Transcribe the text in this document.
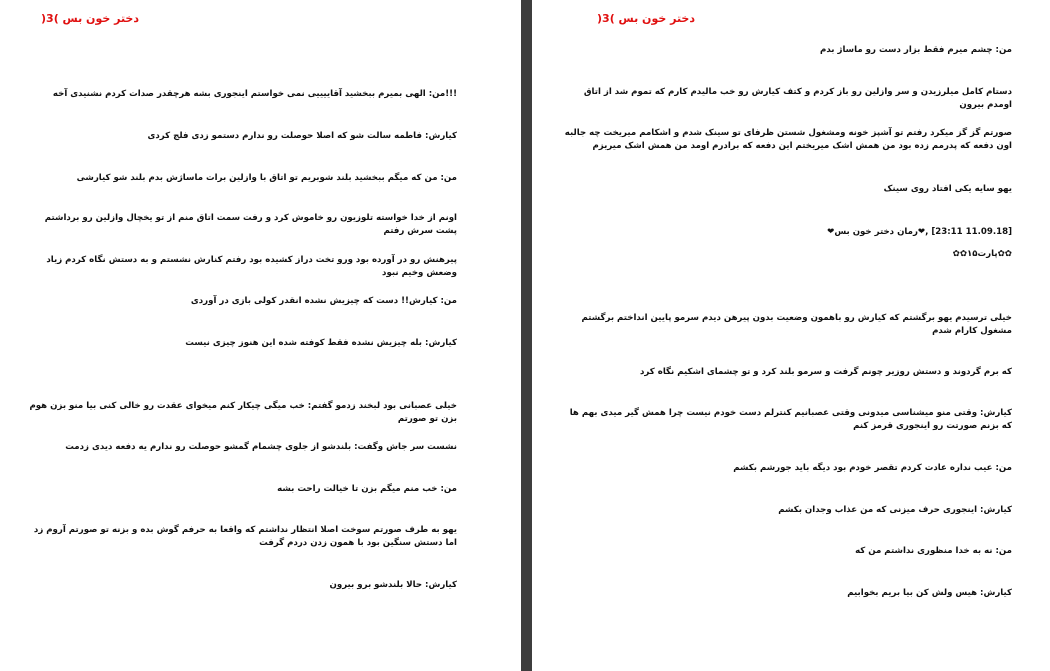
دختر خون بس )3(
!!!من: الهی بمیرم ببخشید آقاییییی نمی خواستم اینجوری بشه هرچقدر صدات کردم نشنیدی آخه
کیارش: فاطمه سالت شو که اصلا حوصلت رو ندارم دستمو زدی فلج کردی
من: من که میگم ببخشید بلند شوبریم تو اتاق با وازلین برات ماساژش بدم بلند شو کیارشی
اونم از خدا خواسته تلوزیون رو خاموش کرد و رفت سمت اتاق منم از تو یخچال وازلین رو برداشتم پشت سرش رفتم
پیرهنش رو در آورده بود ورو تخت دراز کشیده بود رفتم کنارش نشستم و به دستش نگاه کردم زیاد وضعش وخیم نبود
من: کیارش!! دست که چیزیش نشده انقدر کولی بازی در آوردی
کیارش: بله چیزیش نشده فقط کوفته شده این هنوز چیزی نیست
خیلی عصبانی بود لبخند زدمو گفتم: خب میگی چیکار کنم میخوای عقدت رو خالی کنی بیا منو بزن هوم بزن تو صورتم
نشست سر جاش وگفت: بلندشو از جلوی چشمام گمشو حوصلت رو ندارم یه دفعه دیدی زدمت
من: خب منم میگم بزن تا خیالت راحت بشه
یهو به طرف صورتم سوخت اصلا انتظار نداشتم که واقعا به حرفم گوش بده و بزنه تو صورتم آروم زد اما دستش سنگین بود با همون زدن دردم گرفت
کیارش: حالا بلندشو برو بیرون
دختر خون بس )3(
من: چشم میرم فقط بزار دست رو ماساژ بدم
دستام کامل میلرزیدن و سر وازلین رو باز کردم و کتف کیارش رو خب مالیدم کارم که تموم شد از اتاق اومدم بیرون
صورتم گز گز میکرد رفتم تو آشپز خونه ومشغول شستن ظرفای تو سینک شدم و اشکامم میریخت چه جالبه اون دفعه که پدرمم زده بود من همش اشک میریختم این دفعه که برادرم اومد من همش اشک میریزم
یهو سایه یکی افتاد روی سینک
[11.09.18 23:11] ,❤رمان دختر خون بس❤
✿✿پارت۱۵✿✿
خیلی ترسیدم یهو برگشتم که کیارش رو باهمون وضعیت بدون پیرهن دیدم سرمو پایین انداختم برگشتم مشغول کارام شدم
که برم گردوند و دستش روزیر چونم گرفت و سرمو بلند کرد و تو چشمای اشکیم نگاه کرد
کیارش: وقتی منو میشناسی میدونی وقتی عصبانیم کنترلم دست خودم نیست چرا همش گیر میدی بهم ها که بزنم صورتت رو اینجوری قرمز کنم
من: عیب نداره عادت کردم تقصر خودم بود دیگه باید جورشم بکشم
کیارش: اینجوری حرف میزنی که من عذاب وجدان بکشم
من: نه به خدا منظوری نداشتم من که
کیارش: هیس ولش کن بیا بریم بخوابیم
